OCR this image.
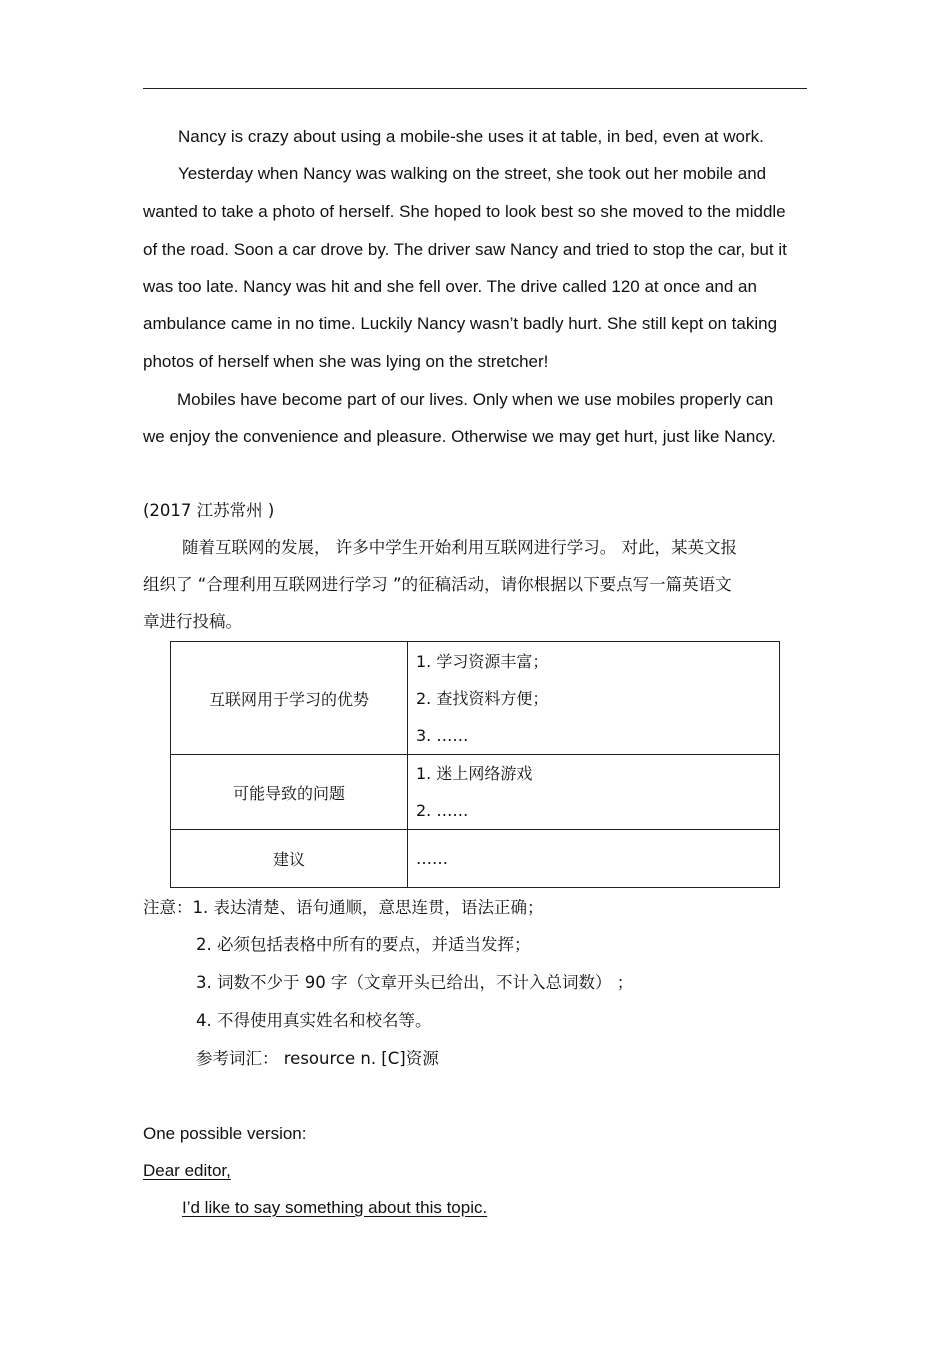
Nancy is crazy about using a mobile-she uses it at table, in bed, even at work.
Yesterday when Nancy was walking on the street, she took out her mobile and
wanted to take a photo of herself. She hoped to look best so she moved to the middle
of the road. Soon a car drove by. The driver saw Nancy and tried to stop the car, but it
was too late. Nancy was hit and she fell over. The drive called 120 at once and an
ambulance came in no time. Luckily Nancy wasn’t badly hurt. She still kept on taking
photos of herself when she was lying on the stretcher!
Mobiles have become part of our lives. Only when we use mobiles properly can
we enjoy the convenience and pleasure. Otherwise we may get hurt, just like Nancy.
(2017 江苏常州 )
随着互联网的发展， 许多中学生开始利用互联网进行学习。 对此，某英文报
组织了 “合理利用互联网进行学习 ”的征稿活动，请你根据以下要点写一篇英语文
章进行投稿。
互联网用于学习的优势	1. 学习资源丰富；
2. 查找资料方便；
3. ……

可能导致的问题	1. 迷上网络游戏
2. ……

建议	……
注意：1. 表达清楚、语句通顺，意思连贯，语法正确；
2. 必须包括表格中所有的要点，并适当发挥；
3. 词数不少于 90 字（文章开头已给出，不计入总词数） ；
4. 不得使用真实姓名和校名等。
参考词汇： resource n. [C]资源
One possible version:
Dear editor,
I’d like to say something about this topic.
